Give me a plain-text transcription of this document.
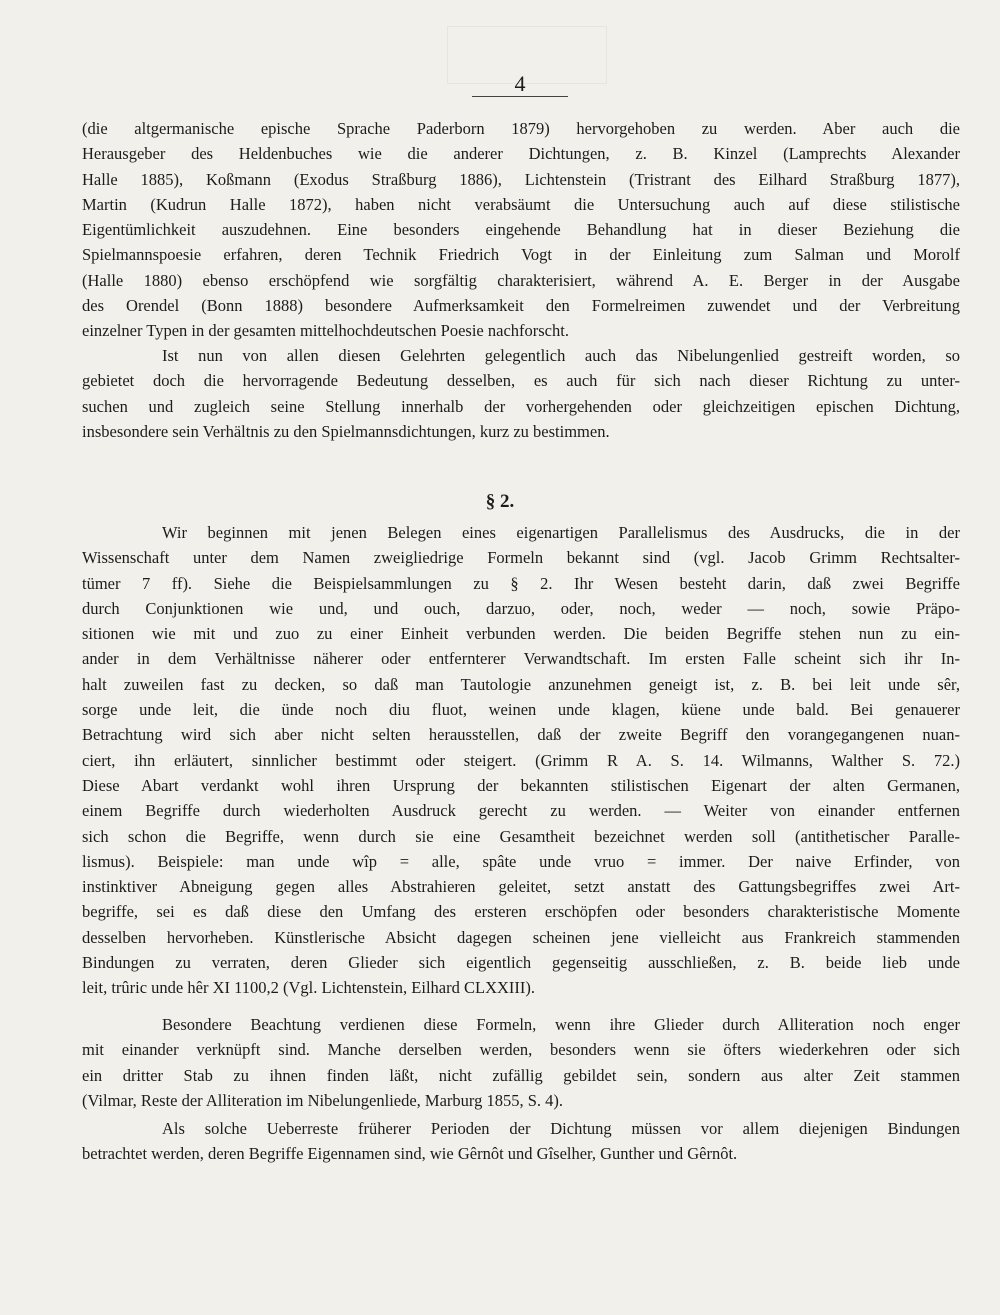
4

(die altgermanische epische Sprache Paderborn 1879) hervorgehoben zu werden. Aber auch die
Herausgeber des Heldenbuches wie die anderer Dichtungen, z. B. Kinzel (Lamprechts Alexander
Halle 1885), Koßmann (Exodus Straßburg 1886), Lichtenstein (Tristrant des Eilhard Straßburg 1877),
Martin (Kudrun Halle 1872), haben nicht verabsäumt die Untersuchung auch auf diese stilistische
Eigentümlichkeit auszudehnen. Eine besonders eingehende Behandlung hat in dieser Beziehung die
Spielmannspoesie erfahren, deren Technik Friedrich Vogt in der Einleitung zum Salman und Morolf
(Halle 1880) ebenso erschöpfend wie sorgfältig charakterisiert, während A. E. Berger in der Ausgabe
des Orendel (Bonn 1888) besondere Aufmerksamkeit den Formelreimen zuwendet und der Verbreitung
einzelner Typen in der gesamten mittelhochdeutschen Poesie nachforscht.

Ist nun von allen diesen Gelehrten gelegentlich auch das Nibelungenlied gestreift worden, so
gebietet doch die hervorragende Bedeutung desselben, es auch für sich nach dieser Richtung zu unter-
suchen und zugleich seine Stellung innerhalb der vorhergehenden oder gleichzeitigen epischen Dichtung,
insbesondere sein Verhältnis zu den Spielmannsdichtungen, kurz zu bestimmen.

§ 2.

Wir beginnen mit jenen Belegen eines eigenartigen Parallelismus des Ausdrucks, die in der
Wissenschaft unter dem Namen zweigliedrige Formeln bekannt sind (vgl. Jacob Grimm Rechtsalter-
tümer 7 ff). Siehe die Beispielsammlungen zu § 2. Ihr Wesen besteht darin, daß zwei Begriffe
durch Conjunktionen wie und, und ouch, darzuo, oder, noch, weder — noch, sowie Präpo-
sitionen wie mit und zuo zu einer Einheit verbunden werden. Die beiden Begriffe stehen nun zu ein-
ander in dem Verhältnisse näherer oder entfernterer Verwandtschaft. Im ersten Falle scheint sich ihr In-
halt zuweilen fast zu decken, so daß man Tautologie anzunehmen geneigt ist, z. B. bei leit unde sêr,
sorge unde leit, die ünde noch diu fluot, weinen unde klagen, küene unde bald. Bei genauerer
Betrachtung wird sich aber nicht selten herausstellen, daß der zweite Begriff den vorangegangenen nuan-
ciert, ihn erläutert, sinnlicher bestimmt oder steigert. (Grimm R A. S. 14. Wilmanns, Walther S. 72.)
Diese Abart verdankt wohl ihren Ursprung der bekannten stilistischen Eigenart der alten Germanen,
einem Begriffe durch wiederholten Ausdruck gerecht zu werden. — Weiter von einander entfernen
sich schon die Begriffe, wenn durch sie eine Gesamtheit bezeichnet werden soll (antithetischer Paralle-
lismus). Beispiele: man unde wîp = alle, spâte unde vruo = immer. Der naive Erfinder, von
instinktiver Abneigung gegen alles Abstrahieren geleitet, setzt anstatt des Gattungsbegriffes zwei Art-
begriffe, sei es daß diese den Umfang des ersteren erschöpfen oder besonders charakteristische Momente
desselben hervorheben. Künstlerische Absicht dagegen scheinen jene vielleicht aus Frankreich stammenden
Bindungen zu verraten, deren Glieder sich eigentlich gegenseitig ausschließen, z. B. beide lieb unde
leit, trûric unde hêr XI 1100,2 (Vgl. Lichtenstein, Eilhard CLXXIII).

Besondere Beachtung verdienen diese Formeln, wenn ihre Glieder durch Alliteration noch enger
mit einander verknüpft sind. Manche derselben werden, besonders wenn sie öfters wiederkehren oder sich
ein dritter Stab zu ihnen finden läßt, nicht zufällig gebildet sein, sondern aus alter Zeit stammen
(Vilmar, Reste der Alliteration im Nibelungenliede, Marburg 1855, S. 4).

Als solche Ueberreste früherer Perioden der Dichtung müssen vor allem diejenigen Bindungen
betrachtet werden, deren Begriffe Eigennamen sind, wie Gêrnôt und Gîselher, Gunther und Gêrnôt.
